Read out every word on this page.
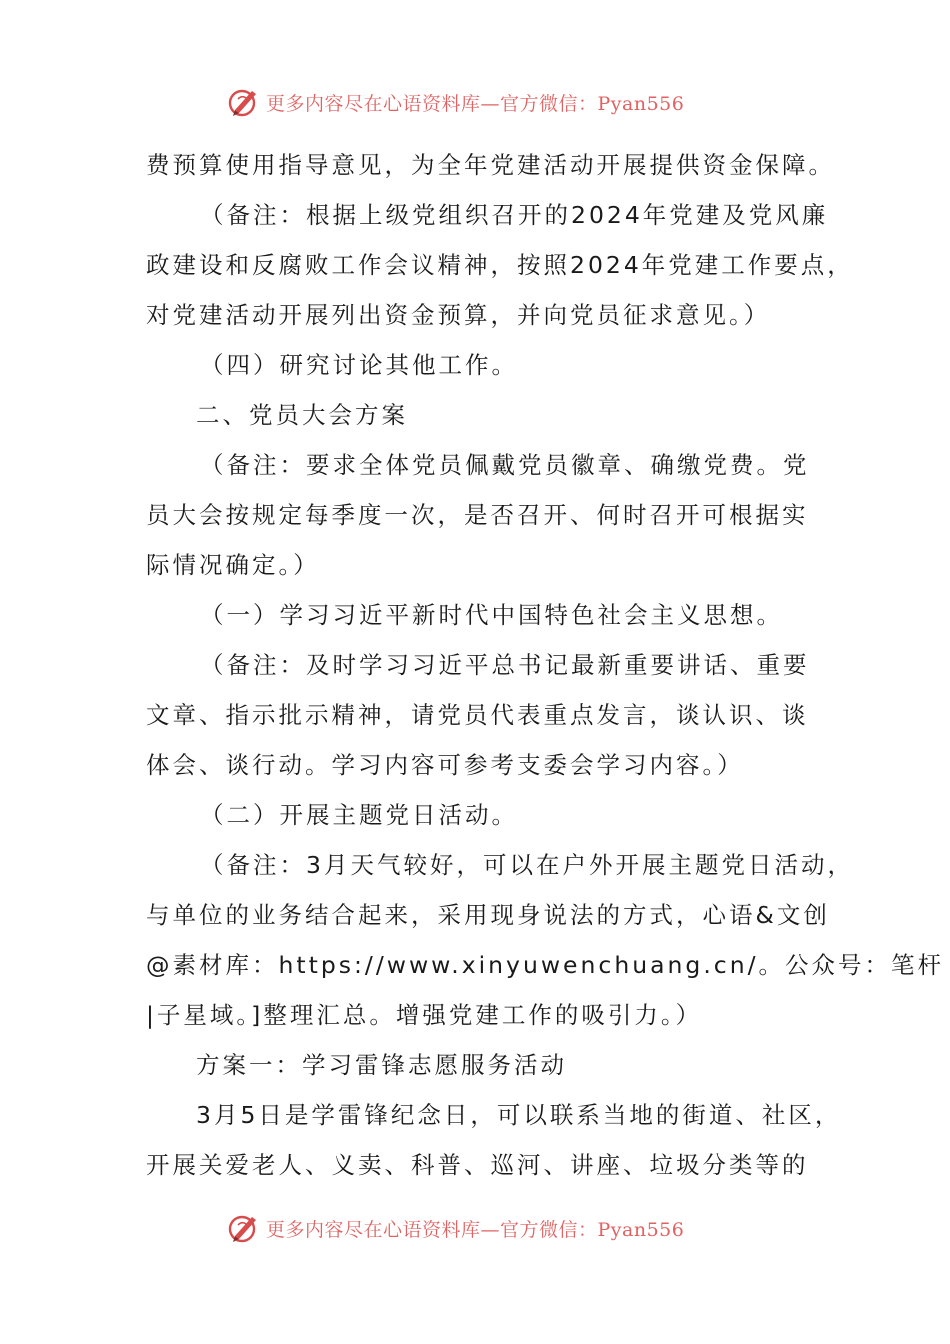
更多内容尽在心语资料库—官方微信：Pyan556
费预算使用指导意见，为全年党建活动开展提供资金保障。
（备注：根据上级党组织召开的2024年党建及党风廉
政建设和反腐败工作会议精神，按照2024年党建工作要点，
对党建活动开展列出资金预算，并向党员征求意见。）
（四）研究讨论其他工作。
二、党员大会方案
（备注：要求全体党员佩戴党员徽章、确缴党费。党
员大会按规定每季度一次，是否召开、何时召开可根据实
际情况确定。）
（一）学习习近平新时代中国特色社会主义思想。
（备注：及时学习习近平总书记最新重要讲话、重要
文章、指示批示精神，请党员代表重点发言，谈认识、谈
体会、谈行动。学习内容可参考支委会学习内容。）
（二）开展主题党日活动。
（备注：3月天气较好，可以在户外开展主题党日活动，
与单位的业务结合起来，采用现身说法的方式，心语&文创
@素材库：https://www.xinyuwenchuang.cn/。公众号：笔杆
|子星域。]整理汇总。增强党建工作的吸引力。）
方案一：学习雷锋志愿服务活动
3月5日是学雷锋纪念日，可以联系当地的街道、社区，
开展关爱老人、义卖、科普、巡河、讲座、垃圾分类等的
更多内容尽在心语资料库—官方微信：Pyan556
